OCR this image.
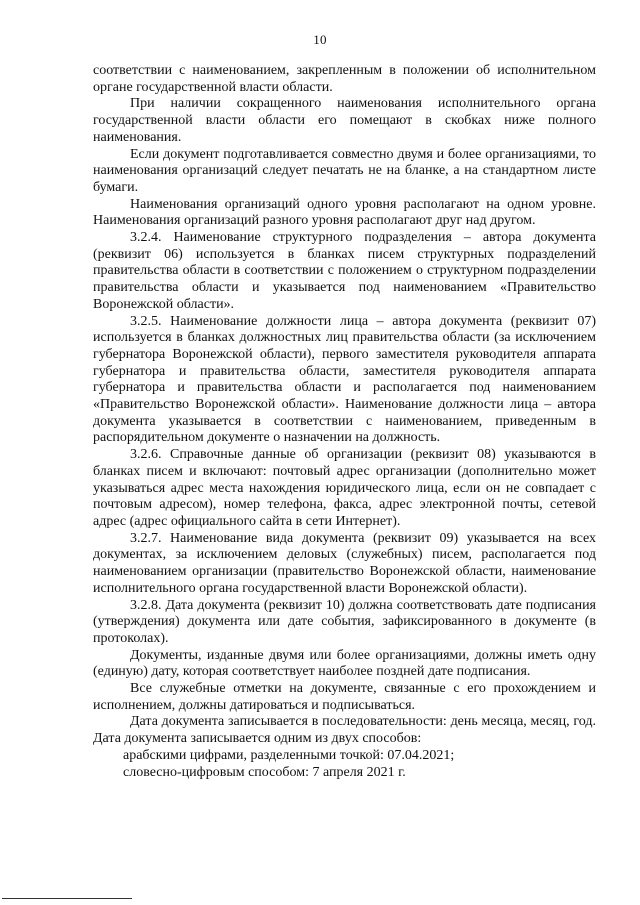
10

соответствии с наименованием, закрепленным в положении об исполнительном органе государственной власти области.

При наличии сокращенного наименования исполнительного органа государственной власти области его помещают в скобках ниже полного наименования.

Если документ подготавливается совместно двумя и более организациями, то наименования организаций следует печатать не на бланке, а на стандартном листе бумаги.

Наименования организаций одного уровня располагают на одном уровне. Наименования организаций разного уровня располагают друг над другом.

3.2.4. Наименование структурного подразделения – автора документа (реквизит 06) используется в бланках писем структурных подразделений правительства области в соответствии с положением о структурном подразделении правительства области и указывается под наименованием «Правительство Воронежской области».

3.2.5. Наименование должности лица – автора документа (реквизит 07) используется в бланках должностных лиц правительства области (за исключением губернатора Воронежской области), первого заместителя руководителя аппарата губернатора и правительства области, заместителя руководителя аппарата губернатора и правительства области и располагается под наименованием «Правительство Воронежской области». Наименование должности лица – автора документа указывается в соответствии с наименованием, приведенным в распорядительном документе о назначении на должность.

3.2.6. Справочные данные об организации (реквизит 08) указываются в бланках писем и включают: почтовый адрес организации (дополнительно может указываться адрес места нахождения юридического лица, если он не совпадает с почтовым адресом), номер телефона, факса, адрес электронной почты, сетевой адрес (адрес официального сайта в сети Интернет).

3.2.7. Наименование вида документа (реквизит 09) указывается на всех документах, за исключением деловых (служебных) писем, располагается под наименованием организации (правительство Воронежской области, наименование исполнительного органа государственной власти Воронежской области).

3.2.8. Дата документа (реквизит 10) должна соответствовать дате подписания (утверждения) документа или дате события, зафиксированного в документе (в протоколах).

Документы, изданные двумя или более организациями, должны иметь одну (единую) дату, которая соответствует наиболее поздней дате подписания.

Все служебные отметки на документе, связанные с его прохождением и исполнением, должны датироваться и подписываться.

Дата документа записывается в последовательности: день месяца, месяц, год. Дата документа записывается одним из двух способов:

арабскими цифрами, разделенными точкой: 07.04.2021;

словесно-цифровым способом: 7 апреля 2021 г.
